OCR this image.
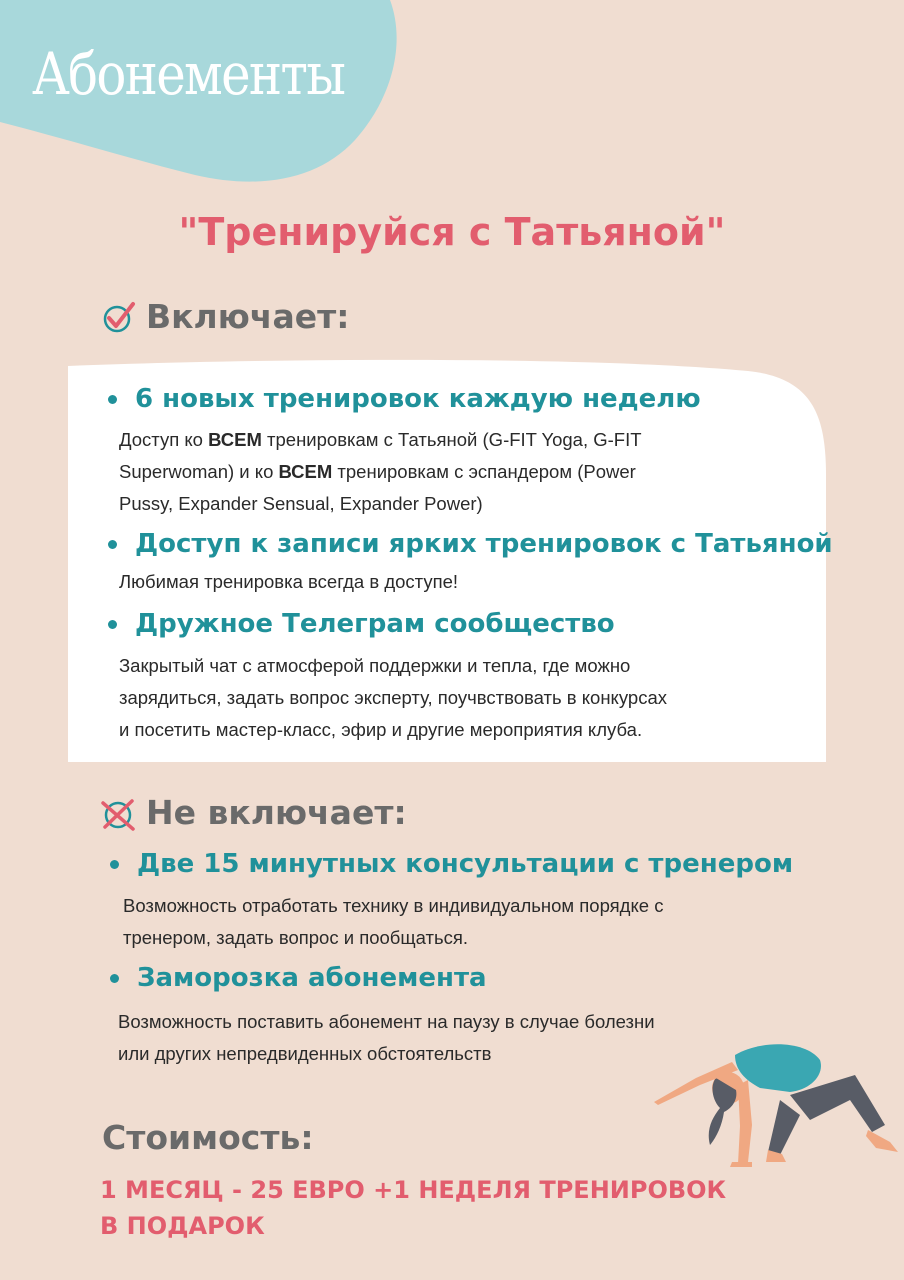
Абонементы
"Тренируйся с Татьяной"
Включает:
6 новых тренировок каждую неделю
Доступ ко ВСЕМ тренировкам с Татьяной (G-FIT Yoga, G-FIT
Superwoman) и ко ВСЕМ тренировкам с эспандером (Power
Pussy, Expander Sensual, Expander Power)
Доступ к записи ярких тренировок с Татьяной
Любимая тренировка всегда в доступе!
Дружное Телеграм сообщество
Закрытый чат с атмосферой поддержки и тепла, где можно
зарядиться, задать вопрос эксперту, поучвствовать в конкурсах
и посетить мастер-класс, эфир и другие мероприятия клуба.
Не включает:
Две 15 минутных консультации с тренером
Возможность отработать технику в индивидуальном порядке с
тренером, задать вопрос и пообщаться.
Заморозка абонемента
Возможность поставить абонемент на паузу в случае болезни
или других непредвиденных обстоятельств
Стоимость:
1 МЕСЯЦ - 25 ЕВРО +1 НЕДЕЛЯ ТРЕНИРОВОК В ПОДАРОК
